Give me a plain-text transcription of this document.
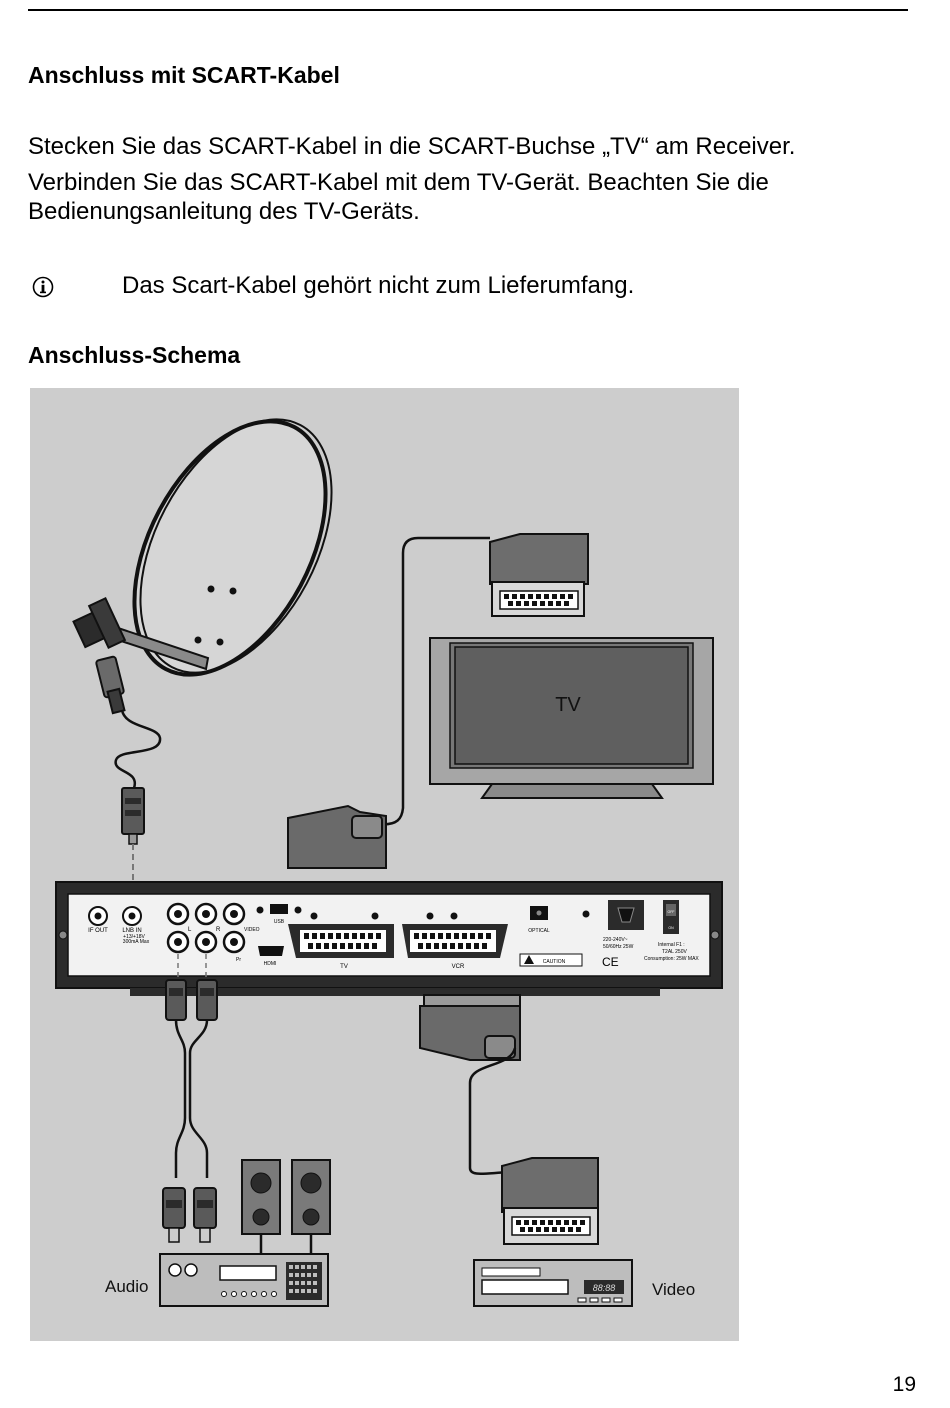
Anschluss mit SCART-Kabel

Stecken Sie das SCART-Kabel in die SCART-Buchse „TV“ am Receiver.

Verbinden Sie das SCART-Kabel mit dem TV-Gerät. Beachten Sie die

Bedienungsanleitung des TV-Geräts.

Das Scart-Kabel gehört nicht zum Lieferumfang.
Anschluss-Schema
TV
IF OUT LNB IN
+13/+18V
300mA Max
L	R	VIDEO
Pr
USB
HDMI	TV	VCR
OPTICAL
CAUTION	CE
220-240V~
50/60Hz 25W
OFF
ON
Internal F1 :
T2AL 250V
Consumption: 25W MAX
Audio	88:88 Video
19
